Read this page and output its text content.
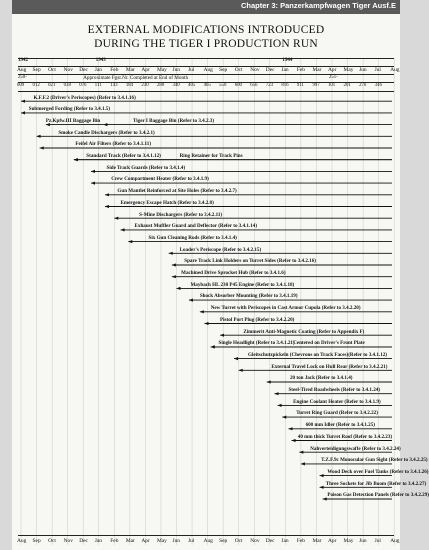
Chapter 3: Panzerkampfwagen Tiger Ausf.E
EXTERNAL MODIFICATIONS INTRODUCED
DURING THE TIGER I PRODUCTION RUN
1942	1943	1944
Aug Sep Oct Nov Dec Jan Feb Mar Apr May Jun Jul Aug Sep Oct Nov Dec Jan Feb Mar Apr May Jun Jul Aug
Aug Sep Oct Nov Dec Jan Feb Mar Apr May Jun Jul Aug Sep Oct Nov Dec Jan Feb Mar Apr May Jun Jul Aug
250-	251-
Approximate Fgst.Nr. Completed at End of Month
009 012 021 038 076 111 143 184 230 280 340 405 465 550 600 656 723 816 911 997 101 201 276 346
K.F.F.2 (Driver's Periscopes) (Refer to 3.4.1.16)
Submerged Fording (Refer to 3.4.1.5)
Pz.Kpfw.III Baggage Bin	Tiger I Baggage Bin (Refer to 3.4.2.3)
Smoke Candle Dischargers (Refer to 3.4.2.1)
Feifel Air Filters (Refer to 3.4.1.11)
Standard Track (Refer to 3.4.1.12)	Ring Retainer for Track Pins
Side Track Guards (Refer to 3.4.1.4)
Crew Compartment Heater (Refer to 3.4.1.9)
Gun Mantlet Reinforced at Site Holes (Refer to 3.4.2.7)
Emergency Escape Hatch (Refer to 3.4.2.8)
S-Mine Dischargers (Refer to 3.4.2.11)
Exhaust Muffler Guard and Deflector (Refer to 3.4.1.14)
Six Gun Cleaning Rods (Refer to 3.4.1.4)
Loader's Periscope (Refer to 3.4.2.15)
Spare Track Link Holders on Turret Sides (Refer to 3.4.2.16)
Machined Drive Sprocket Hub (Refer to 3.4.1.6)
Maybach HL 230 P45 Engine (Refer to 3.4.1.18)
Shock Absorber Mounting (Refer to 3.4.1.19)
New Turret with Periscopes in Cast Armor Cupola (Refer to 3.4.2.20)
Pistol Port Plug (Refer to 3.4.2.20)
Zimmerit Anti-Magnetic Coating (Refer to Appendix F)
Single Headlight (Refer to 3.4.1.21)
Centered on Driver's Front Plate
Gleitschutzpickeln (Chevrons on Track Faces)(Refer to 3.4.1.12)
External Travel Lock on Hull Rear (Refer to 3.4.2.21)
20 ton Jack (Refer to 3.4.1.4)
Steel-Tired Roadwheels (Refer to 3.4.1.24)
Engine Coolant Heater (Refer to 3.4.1.9)
Turret Ring Guard (Refer to 3.4.2.22)
600 mm Idler (Refer to 3.4.1.25)
40 mm thick Turret Roof (Refer to 3.4.2.23)
Nahverteidigungswaffe (Refer to 3.4.2.24)
T.Z.F.9c Monocular Gun Sight (Refer to 3.4.2.25)
Wood Deck over Fuel Tanks (Refer to 3.4.1.26)
Three Sockets for Jib Boom (Refer to 3.4.2.27)
Poison Gas Detection Panels (Refer to 3.4.2.29)
